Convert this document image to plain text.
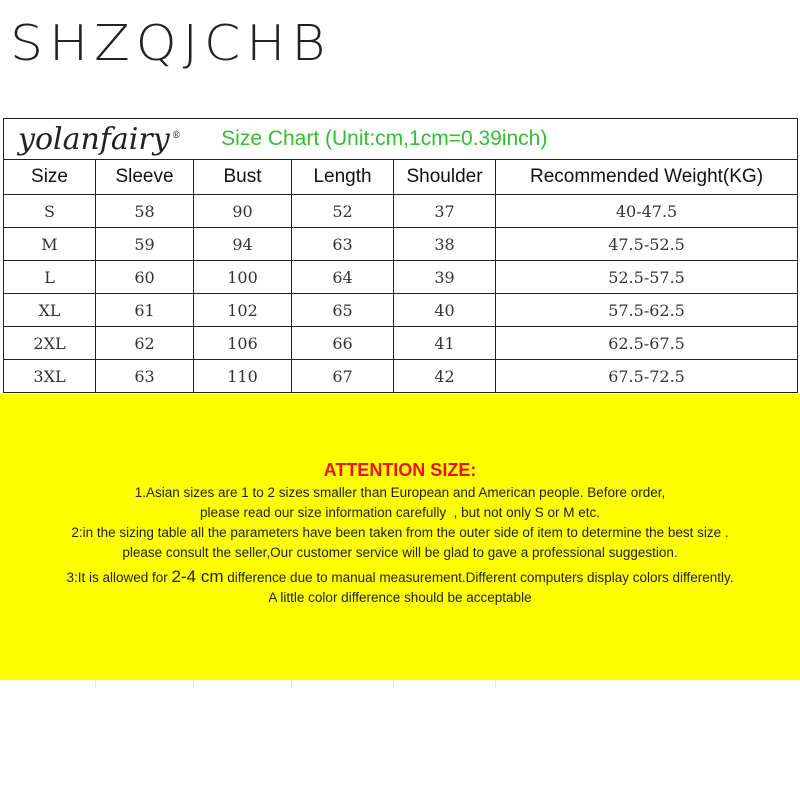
SHZQJCHB
yolanfairy ® Size Chart (Unit:cm,1cm=0.39inch)					
Size	Sleeve	Bust	Length	Shoulder	Recommended Weight(KG)
S	58	90	52	37	40-47.5
M	59	94	63	38	47.5-52.5
L	60	100	64	39	52.5-57.5
XL	61	102	65	40	57.5-62.5
2XL	62	106	66	41	62.5-67.5
3XL	63	110	67	42	67.5-72.5
ATTENTION SIZE:
1.Asian sizes are 1 to 2 sizes smaller than European and American people. Before order,
please read our size information carefully  , but not only S or M etc.
2:in the sizing table all the parameters have been taken from the outer side of item to determine the best size .
please consult the seller,Our customer service will be glad to gave a professional suggestion.
3:It is allowed for 2-4 cm difference due to manual measurement.Different computers display colors differently.
A little color difference should be acceptable
